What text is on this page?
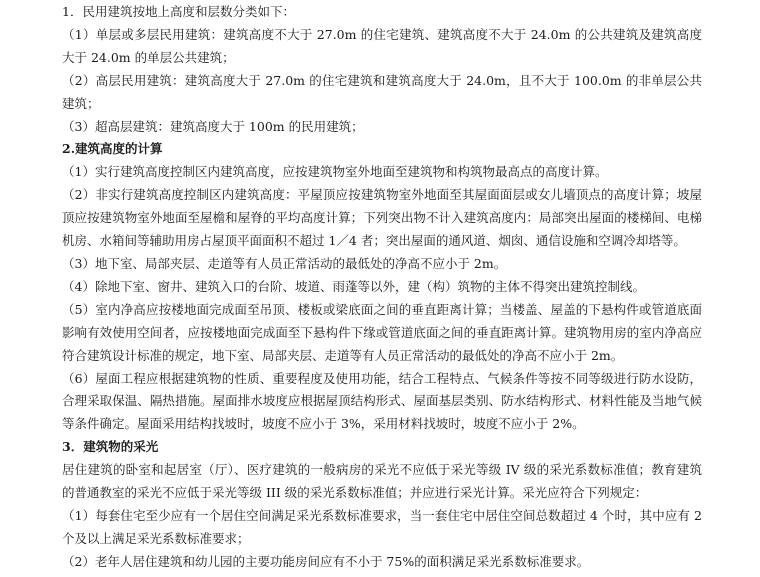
1．民用建筑按地上高度和层数分类如下：

（1）单层或多层民用建筑：建筑高度不大于 27.0m 的住宅建筑、建筑高度不大于 24.0m 的公共建筑及建筑高度大于 24.0m 的单层公共建筑；

（2）高层民用建筑：建筑高度大于 27.0m 的住宅建筑和建筑高度大于 24.0m，且不大于 100.0m 的非单层公共建筑；

（3）超高层建筑：建筑高度大于 100m 的民用建筑；

2.建筑高度的计算

（1）实行建筑高度控制区内建筑高度，应按建筑物室外地面至建筑物和构筑物最高点的高度计算。

（2）非实行建筑高度控制区内建筑高度：平屋顶应按建筑物室外地面至其屋面面层或女儿墙顶点的高度计算；坡屋顶应按建筑物室外地面至屋檐和屋脊的平均高度计算；下列突出物不计入建筑高度内：局部突出屋面的楼梯间、电梯机房、水箱间等辅助用房占屋顶平面面积不超过 1／4 者；突出屋面的通风道、烟囱、通信设施和空调冷却塔等。

（3）地下室、局部夹层、走道等有人员正常活动的最低处的净高不应小于 2m。

（4）除地下室、窗井、建筑入口的台阶、坡道、雨蓬等以外，建（构）筑物的主体不得突出建筑控制线。

（5）室内净高应按楼地面完成面至吊顶、楼板或梁底面之间的垂直距离计算；当楼盖、屋盖的下悬构件或管道底面影响有效使用空间者，应按楼地面完成面至下悬构件下缘或管道底面之间的垂直距离计算。建筑物用房的室内净高应符合建筑设计标准的规定，地下室、局部夹层、走道等有人员正常活动的最低处的净高不应小于 2m。

（6）屋面工程应根据建筑物的性质、重要程度及使用功能，结合工程特点、气候条件等按不同等级进行防水设防，合理采取保温、隔热措施。屋面排水坡度应根据屋顶结构形式、屋面基层类别、防水结构形式、材料性能及当地气候等条件确定。屋面采用结构找坡时，坡度不应小于 3%，采用材料找坡时，坡度不应小于 2%。

3．建筑物的采光

居住建筑的卧室和起居室（厅）、医疗建筑的一般病房的采光不应低于采光等级 IV 级的采光系数标准值；教育建筑的普通教室的采光不应低于采光等级 III 级的采光系数标准值；并应进行采光计算。采光应符合下列规定：

（1）每套住宅至少应有一个居住空间满足采光系数标准要求，当一套住宅中居住空间总数超过 4 个时，其中应有 2 个及以上满足采光系数标准要求；

（2）老年人居住建筑和幼儿园的主要功能房间应有不小于 75%的面积满足采光系数标准要求。
